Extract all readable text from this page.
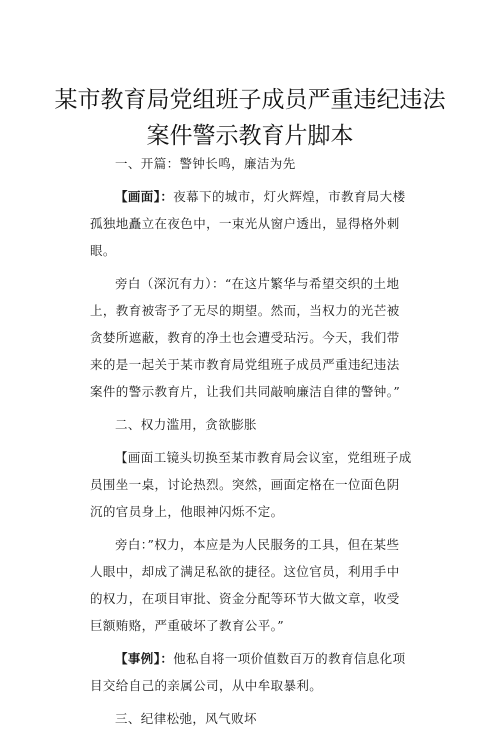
某市教育局党组班子成员严重违纪违法
案件警示教育片脚本

一、开篇：警钟长鸣，廉洁为先

【画面】：夜幕下的城市，灯火辉煌，市教育局大楼孤独地矗立在夜色中，一束光从窗户透出，显得格外刺眼。

旁白（深沉有力）：“在这片繁华与希望交织的土地上，教育被寄予了无尽的期望。然而，当权力的光芒被贪婪所遮蔽，教育的净土也会遭受玷污。今天，我们带来的是一起关于某市教育局党组班子成员严重违纪违法案件的警示教育片，让我们共同敲响廉洁自律的警钟。”

二、权力滥用，贪欲膨胀

【画面工镜头切换至某市教育局会议室，党组班子成员围坐一桌，讨论热烈。突然，画面定格在一位面色阴沉的官员身上，他眼神闪烁不定。

旁白：”权力，本应是为人民服务的工具，但在某些人眼中，却成了满足私欲的捷径。这位官员，利用手中的权力，在项目审批、资金分配等环节大做文章，收受巨额贿赂，严重破坏了教育公平。”

【事例】：他私自将一项价值数百万的教育信息化项目交给自己的亲属公司，从中牟取暴利。

三、纪律松弛，风气败坏
